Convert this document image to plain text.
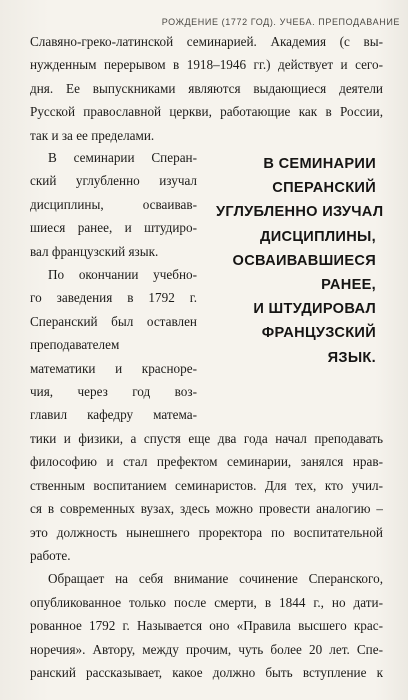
РОЖДЕНИЕ (1772 ГОД). УЧЕБА. ПРЕПОДАВАНИЕ
Славяно-греко-латинской семинарией. Академия (с вы-
нужденным перерывом в 1918–1946 гг.) действует и сего-
дня. Ее выпускниками являются выдающиеся деятели
Русской православной церкви, работающие как в России,
так и за ее пределами.
В семинарии Сперан-
ский углубленно изучал
дисциплины, осваивав-
шиеся ранее, и штудиро-
вал французский язык.
По окончании учебно-
го заведения в 1792 г.
Сперанский был оставлен
преподавателем
математики и красноре-
чия, через год воз-
главил кафедру матема-
В СЕМИНАРИИ
СПЕРАНСКИЙ
УГЛУБЛЕННО ИЗУЧАЛ
ДИСЦИПЛИНЫ,
ОСВАИВАВШИЕСЯ
РАНЕЕ,
И ШТУДИРОВАЛ
ФРАНЦУЗСКИЙ
ЯЗЫК.
тики и физики, а спустя еще два года начал преподавать
философию и стал префектом семинарии, занялся нрав-
ственным воспитанием семинаристов. Для тех, кто учил-
ся в современных вузах, здесь можно провести аналогию –
это должность нынешнего проректора по воспитательной
работе.
Обращает на себя внимание сочинение Сперанского,
опубликованное только после смерти, в 1844 г., но дати-
рованное 1792 г. Называется оно «Правила высшего крас-
норечия». Автору, между прочим, чуть более 20 лет. Спе-
ранский рассказывает, какое должно быть вступление к
